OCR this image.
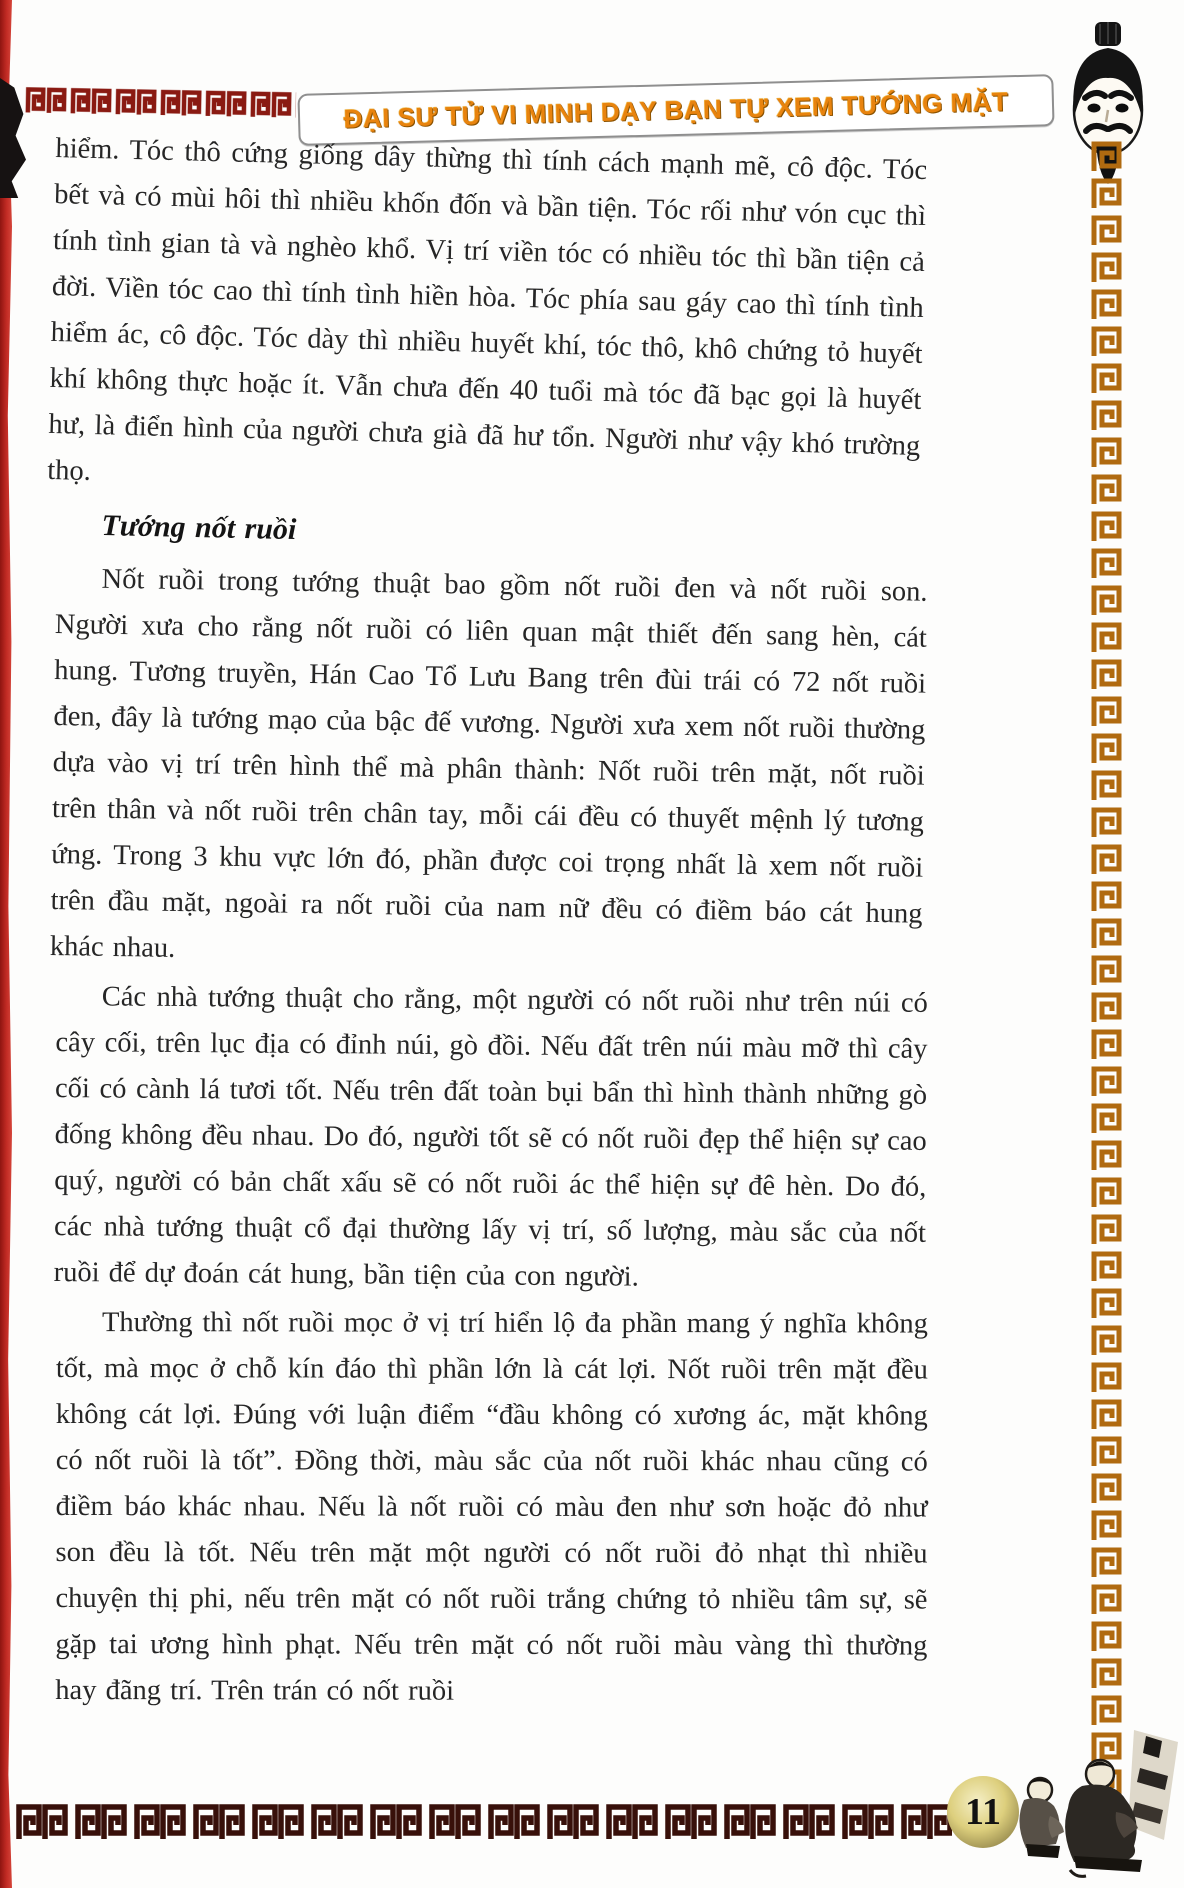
ĐẠI SƯ TỬ VI MINH DẠY BẠN TỰ XEM TƯỚNG MẶT

hiểm. Tóc thô cứng giống dây thừng thì tính cách mạnh mẽ, cô độc. Tóc bết và có mùi hôi thì nhiều khốn đốn và bần tiện. Tóc rối như vón cục thì tính tình gian tà và nghèo khổ. Vị trí viền tóc có nhiều tóc thì bần tiện cả đời. Viền tóc cao thì tính tình hiền hòa. Tóc phía sau gáy cao thì tính tình hiểm ác, cô độc. Tóc dày thì nhiều huyết khí, tóc thô, khô chứng tỏ huyết khí không thực hoặc ít. Vẫn chưa đến 40 tuổi mà tóc đã bạc gọi là huyết hư, là điển hình của người chưa già đã hư tổn. Người như vậy khó trường thọ.

Tướng nốt ruồi

Nốt ruồi trong tướng thuật bao gồm nốt ruồi đen và nốt ruồi son. Người xưa cho rằng nốt ruồi có liên quan mật thiết đến sang hèn, cát hung. Tương truyền, Hán Cao Tổ Lưu Bang trên đùi trái có 72 nốt ruồi đen, đây là tướng mạo của bậc đế vương. Người xưa xem nốt ruồi thường dựa vào vị trí trên hình thể mà phân thành: Nốt ruồi trên mặt, nốt ruồi trên thân và nốt ruồi trên chân tay, mỗi cái đều có thuyết mệnh lý tương ứng. Trong 3 khu vực lớn đó, phần được coi trọng nhất là xem nốt ruồi trên đầu mặt, ngoài ra nốt ruồi của nam nữ đều có điềm báo cát hung khác nhau.

Các nhà tướng thuật cho rằng, một người có nốt ruồi như trên núi có cây cối, trên lục địa có đỉnh núi, gò đồi. Nếu đất trên núi màu mỡ thì cây cối có cành lá tươi tốt. Nếu trên đất toàn bụi bẩn thì hình thành những gò đống không đều nhau. Do đó, người tốt sẽ có nốt ruồi đẹp thể hiện sự cao quý, người có bản chất xấu sẽ có nốt ruồi ác thể hiện sự đê hèn. Do đó, các nhà tướng thuật cổ đại thường lấy vị trí, số lượng, màu sắc của nốt ruồi để dự đoán cát hung, bần tiện của con người.

Thường thì nốt ruồi mọc ở vị trí hiển lộ đa phần mang ý nghĩa không tốt, mà mọc ở chỗ kín đáo thì phần lớn là cát lợi. Nốt ruồi trên mặt đều không cát lợi. Đúng với luận điểm “đầu không có xương ác, mặt không có nốt ruồi là tốt”. Đồng thời, màu sắc của nốt ruồi khác nhau cũng có điềm báo khác nhau. Nếu là nốt ruồi có màu đen như sơn hoặc đỏ như son đều là tốt. Nếu trên mặt một người có nốt ruồi đỏ nhạt thì nhiều chuyện thị phi, nếu trên mặt có nốt ruồi trắng chứng tỏ nhiều tâm sự, sẽ gặp tai ương hình phạt. Nếu trên mặt có nốt ruồi màu vàng thì thường hay đãng trí. Trên trán có nốt ruồi

11
